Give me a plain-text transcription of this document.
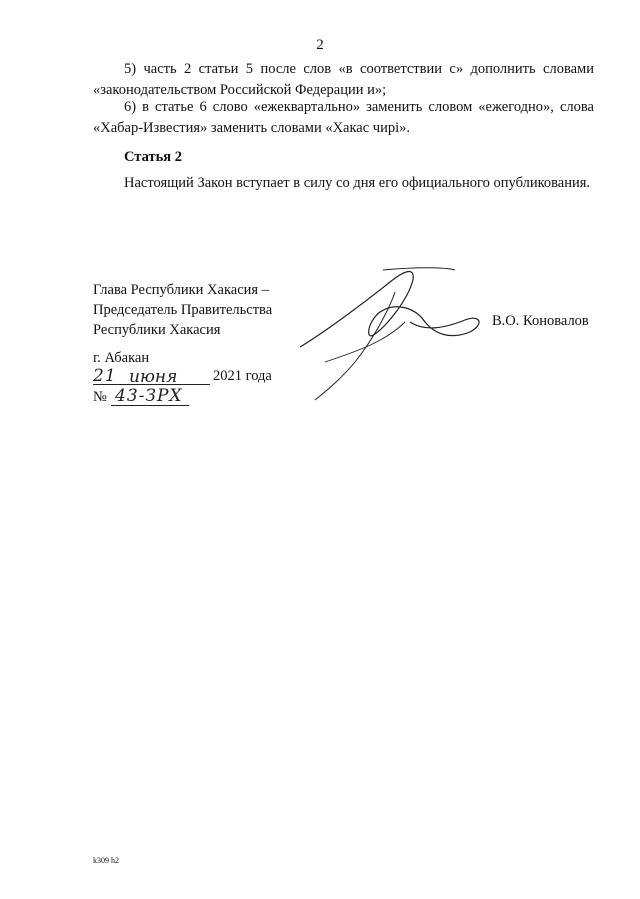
2

5) часть 2 статьи 5 после слов «в соответствии с» дополнить словами

«законодательством Российской Федерации и»;

6) в статье 6 слово «ежеквартально» заменить словом «ежегодно», слова

«Хабар-Известия» заменить словами «Хакас чирі».

Статья 2
Настоящий Закон вступает в силу со дня его официального опубликования.
Глава Республики Хакасия –
Председатель Правительства
Республики Хакасия
В.О. Коновалов
г. Абакан
21 июня 2021 года
№ 43-ЗРХ
k309 h2
